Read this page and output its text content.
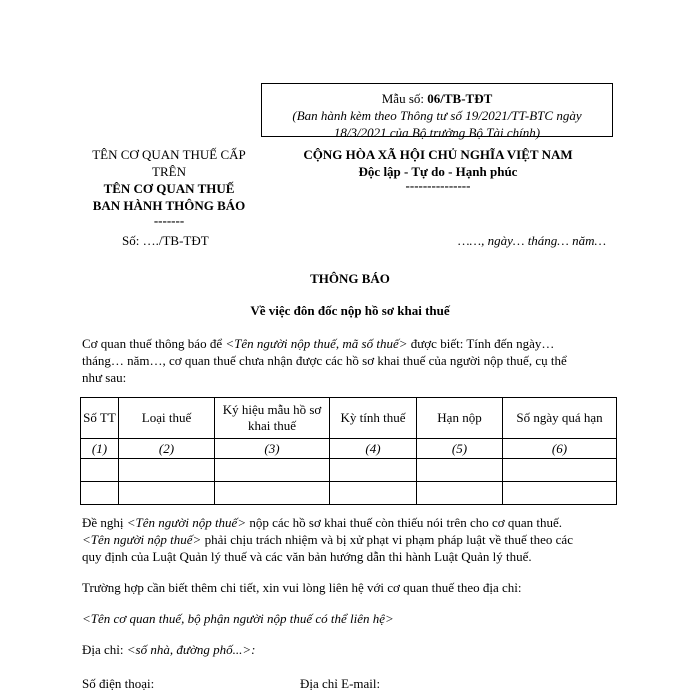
Mẫu số: 06/TB-TĐT
(Ban hành kèm theo Thông tư số 19/2021/TT-BTC ngày
18/3/2021 của Bộ trưởng Bộ Tài chính)
TÊN CƠ QUAN THUẾ CẤP
TRÊN
TÊN CƠ QUAN THUẾ
BAN HÀNH THÔNG BÁO
-------
CỘNG HÒA XÃ HỘI CHỦ NGHĨA VIỆT NAM
Độc lập - Tự do - Hạnh phúc
---------------
Số: …./TB-TĐT	……, ngày… tháng… năm…
THÔNG BÁO
Về việc đôn đốc nộp hồ sơ khai thuế
Cơ quan thuế thông báo để <Tên người nộp thuế, mã số thuế> được biết: Tính đến ngày…
tháng… năm…, cơ quan thuế chưa nhận được các hồ sơ khai thuế của người nộp thuế, cụ thể
như sau:
Số TT	Loại thuế	Ký hiệu mẫu hồ sơ khai thuế	Kỳ tính thuế	Hạn nộp	Số ngày quá hạn
(1)	(2)	(3)	(4)	(5)	(6)

Đề nghị <Tên người nộp thuế> nộp các hồ sơ khai thuế còn thiếu nói trên cho cơ quan thuế.
<Tên người nộp thuế> phải chịu trách nhiệm và bị xử phạt vi phạm pháp luật về thuế theo các
quy định của Luật Quản lý thuế và các văn bản hướng dẫn thi hành Luật Quản lý thuế.
Trường hợp cần biết thêm chi tiết, xin vui lòng liên hệ với cơ quan thuế theo địa chỉ:
<Tên cơ quan thuế, bộ phận người nộp thuế có thể liên hệ>
Địa chỉ: <số nhà, đường phố...>:
Số điện thoại:	Địa chỉ E-mail:
